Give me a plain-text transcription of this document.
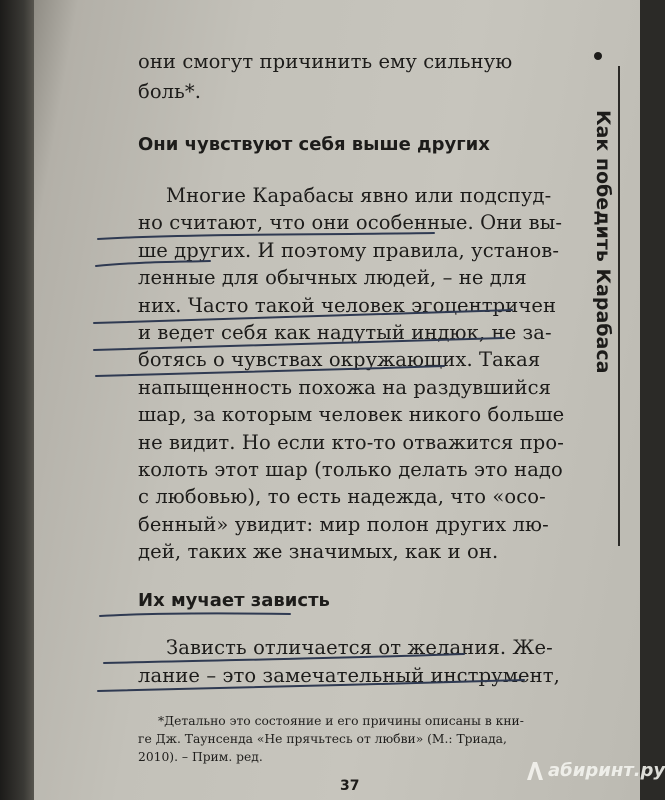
Как победить Карабаса
они смогут причинить ему сильную
боль*.
Они чувствуют себя выше других
Многие Карабасы явно или подспуд-
но считают, что они особенные. Они вы-
ше других. И поэтому правила, установ-
ленные для обычных людей, – не для
них. Часто такой человек эгоцентричен
и ведет себя как надутый индюк, не за-
ботясь о чувствах окружающих. Такая
напыщенность похожа на раздувшийся
шар, за которым человек никого больше
не видит. Но если кто-то отважится про-
колоть этот шар (только делать это надо
с любовью), то есть надежда, что «осо-
бенный» увидит: мир полон других лю-
дей, таких же значимых, как и он.
Их мучает зависть
Зависть отличается от желания. Же-
лание – это замечательный инструмент,
*Детально это состояние и его причины описаны в кни-
ге Дж. Таунсенда «Не прячьтесь от любви» (М.: Триада,
2010). – Прим. ред.
37
абиринт.ру
